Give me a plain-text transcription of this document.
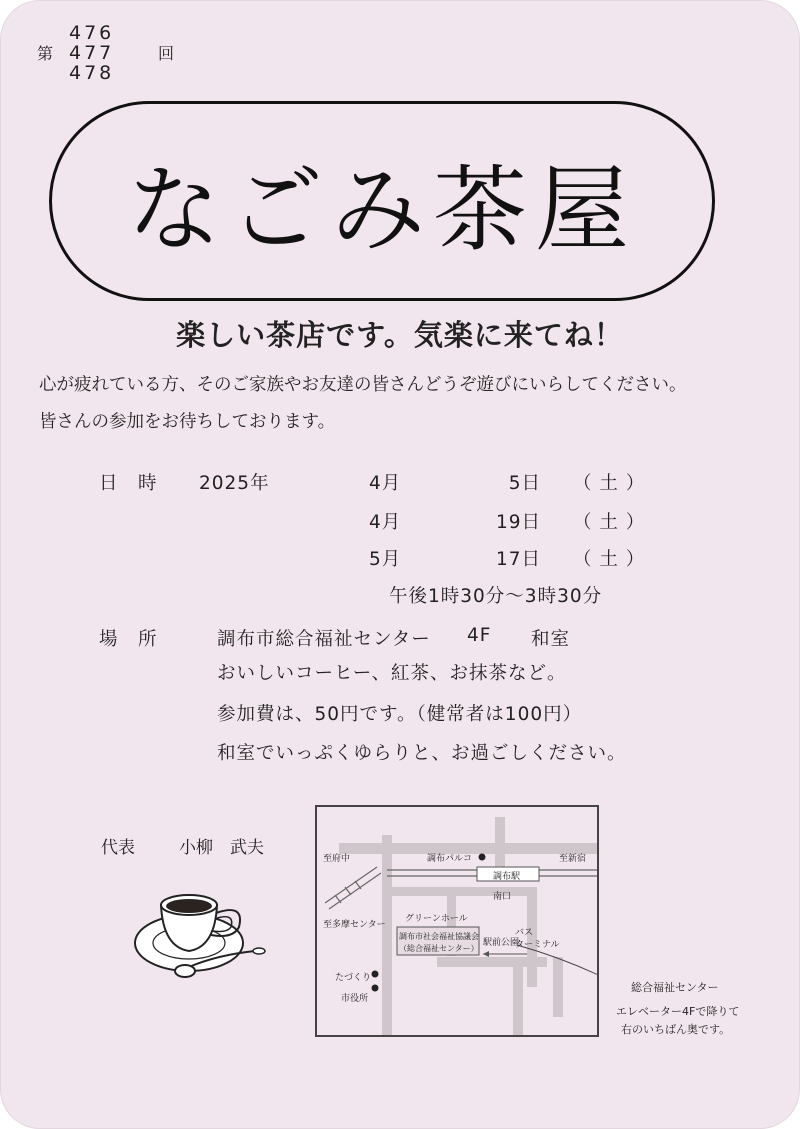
第
476
477
478
回
なごみ茶屋
楽しい茶店です。気楽に来てね！
心が疲れている方、そのご家族やお友達の皆さんどうぞ遊びにいらしてください。
皆さんの参加をお待ちしております。
日　時 2025年	4月	5日 （ 土 ）
4月	19日 （ 土 ）
5月	17日 （ 土 ）
午後1時30分～3時30分
場　所	調布市総合福祉センター 4F 和室
おいしいコーヒー、紅茶、お抹茶など。
参加費は、50円です。（健常者は100円）
和室でいっぷくゆらりと、お過ごしください。
代表	小柳　武夫
至府中	調布パルコ	至新宿
調布駅
南口
至多摩センター
グリーンホール
調布市社会福祉協議会
（総合福祉センター）
駅前公園
バス
ターミナル
たづくり
市役所
総合福祉センター
エレベーター4Fで降りて
右のいちばん奥です。
